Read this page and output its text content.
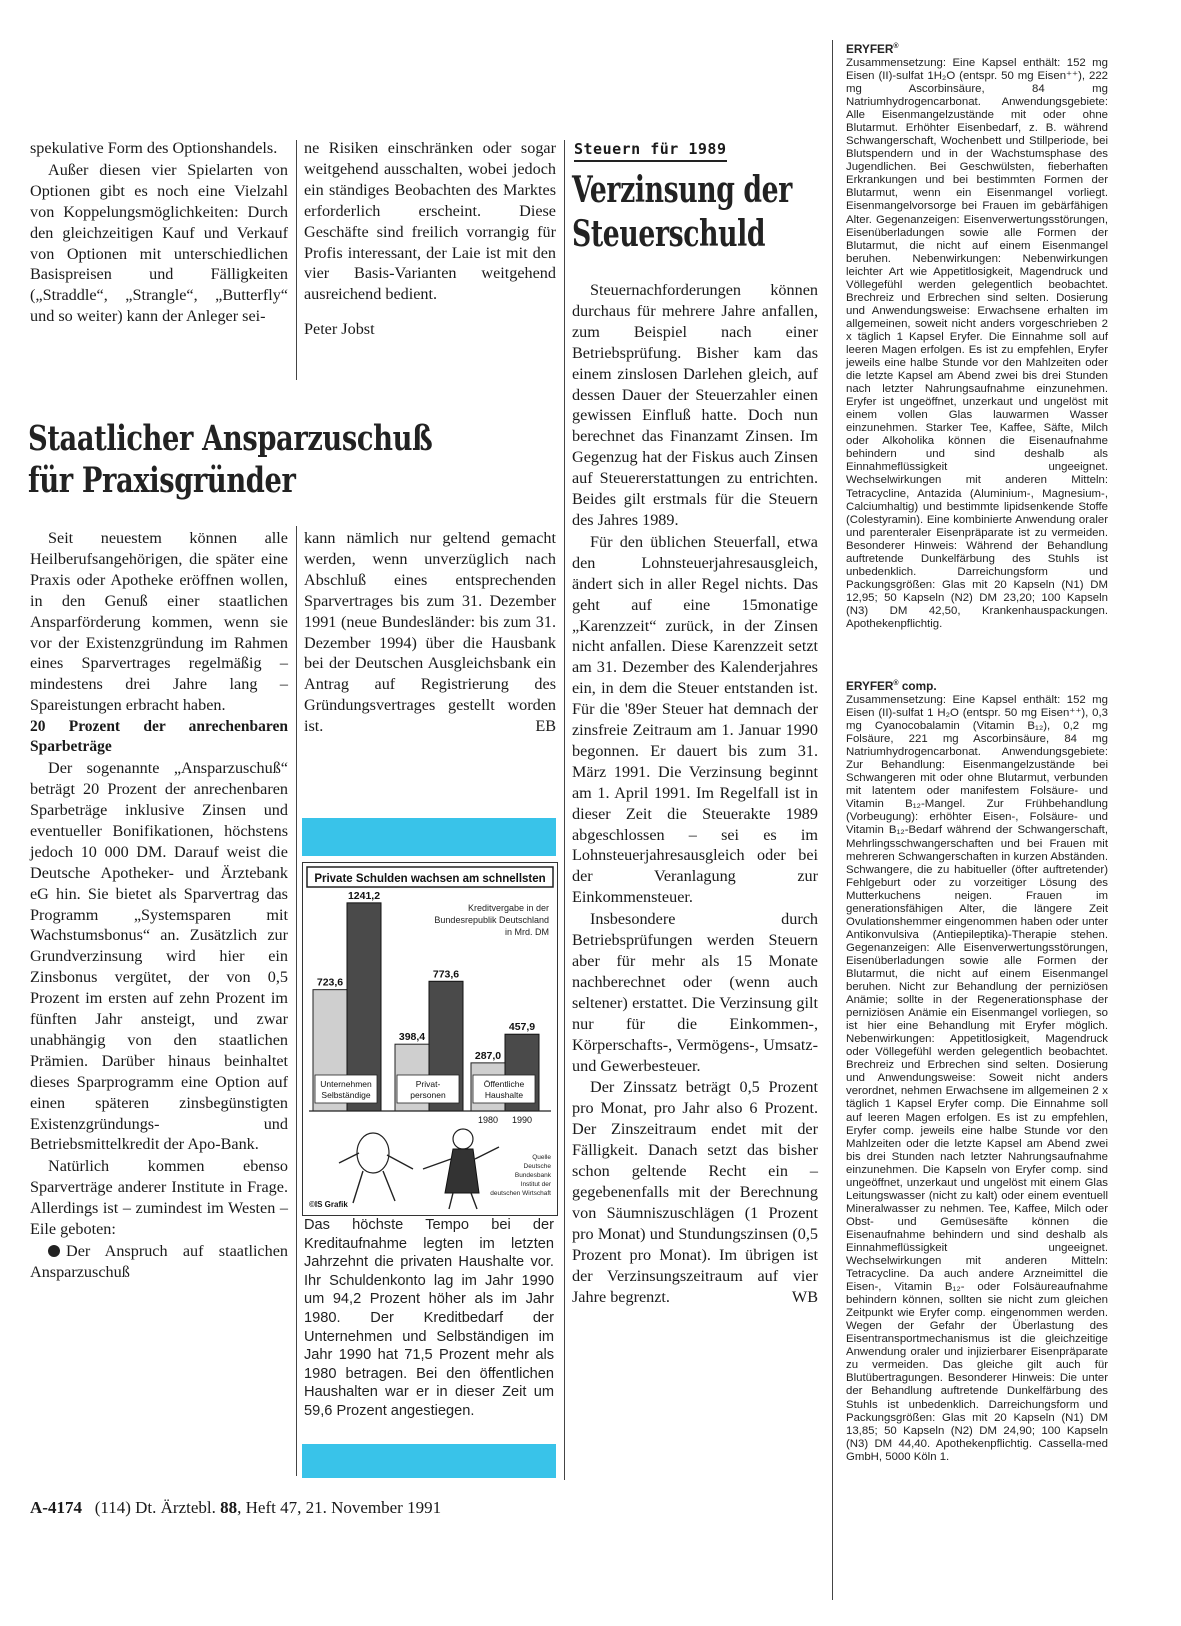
spekulative Form des Optionshandels.

Außer diesen vier Spielarten von Optionen gibt es noch eine Vielzahl von Koppelungsmöglichkeiten: Durch den gleichzeitigen Kauf und Verkauf von Optionen mit unterschiedlichen Basispreisen und Fälligkeiten („Straddle“, „Strangle“, „Butterfly“ und so weiter) kann der Anleger sei-

ne Risiken einschränken oder sogar weitgehend ausschalten, wobei jedoch ein ständiges Beobachten des Marktes erforderlich erscheint. Diese Geschäfte sind freilich vorrangig für Profis interessant, der Laie ist mit den vier Basis-Varianten weitgehend ausreichend bedient.

Peter Jobst

Staatlicher Ansparzuschuß
für Praxisgründer

Seit neuestem können alle Heilberufsangehörigen, die später eine Praxis oder Apotheke eröffnen wollen, in den Genuß einer staatlichen Ansparförderung kommen, wenn sie vor der Existenzgründung im Rahmen eines Sparvertrages regelmäßig – mindestens drei Jahre lang – Spareistungen erbracht haben.

20 Prozent der anrechenbaren Sparbeträge

Der sogenannte „Ansparzuschuß“ beträgt 20 Prozent der anrechenbaren Sparbeträge inklusive Zinsen und eventueller Bonifikationen, höchstens jedoch 10 000 DM. Darauf weist die Deutsche Apotheker- und Ärztebank eG hin. Sie bietet als Sparvertrag das Programm „Systemsparen mit Wachstumsbonus“ an. Zusätzlich zur Grundverzinsung wird hier ein Zinsbonus vergütet, der von 0,5 Prozent im ersten auf zehn Prozent im fünften Jahr ansteigt, und zwar unabhängig von den staatlichen Prämien. Darüber hinaus beinhaltet dieses Sparprogramm eine Option auf einen späteren zinsbegünstigten Existenzgründungs- und Betriebsmittelkredit der Apo-Bank.

Natürlich kommen ebenso Sparverträge anderer Institute in Frage. Allerdings ist – zumindest im Westen – Eile geboten:

Der Anspruch auf staatlichen Ansparzuschuß

kann nämlich nur geltend gemacht werden, wenn unverzüglich nach Abschluß eines entsprechenden Sparvertrages bis zum 31. Dezember 1991 (neue Bundesländer: bis zum 31. Dezember 1994) über die Hausbank bei der Deutschen Ausgleichsbank ein Antrag auf Registrierung des Gründungsvertrages gestellt worden ist.	EB

Private Schulden wachsen am schnellsten
Kreditvergabe in der
Bundesrepublik Deutschland
in Mrd. DM
723,6
1241,2
Unternehmen
Selbständige
398,4
773,6
Privat-
personen
287,0
457,9
Öffentliche
Haushalte
1980 1990
Quelle
Deutsche
Bundesbank
Institut der
deutschen Wirtschaft
©IS Grafik
Das höchste Tempo bei der Kreditaufnahme legten im letzten Jahrzehnt die privaten Haushalte vor. Ihr Schuldenkonto lag im Jahr 1990 um 94,2 Prozent höher als im Jahr 1980. Der Kreditbedarf der Unternehmen und Selbständigen im Jahr 1990 hat 71,5 Prozent mehr als 1980 betragen. Bei den öffentlichen Haushalten war er in dieser Zeit um 59,6 Prozent angestiegen.
Steuern für 1989
Verzinsung der
Steuerschuld

Steuernachforderungen können durchaus für mehrere Jahre anfallen, zum Beispiel nach einer Betriebsprüfung. Bisher kam das einem zinslosen Darlehen gleich, auf dessen Dauer der Steuerzahler einen gewissen Einfluß hatte. Doch nun berechnet das Finanzamt Zinsen. Im Gegenzug hat der Fiskus auch Zinsen auf Steuererstattungen zu entrichten. Beides gilt erstmals für die Steuern des Jahres 1989.

Für den üblichen Steuerfall, etwa den Lohnsteuerjahresausgleich, ändert sich in aller Regel nichts. Das geht auf eine 15monatige „Karenzzeit“ zurück, in der Zinsen nicht anfallen. Diese Karenzzeit setzt am 31. Dezember des Kalenderjahres ein, in dem die Steuer entstanden ist. Für die '89er Steuer hat demnach der zinsfreie Zeitraum am 1. Januar 1990 begonnen. Er dauert bis zum 31. März 1991. Die Verzinsung beginnt am 1. April 1991. Im Regelfall ist in dieser Zeit die Steuerakte 1989 abgeschlossen – sei es im Lohnsteuerjahresausgleich oder bei der Veranlagung zur Einkommensteuer.

Insbesondere durch Betriebsprüfungen werden Steuern aber für mehr als 15 Monate nachberechnet oder (wenn auch seltener) erstattet. Die Verzinsung gilt nur für die Einkommen-, Körperschafts-, Vermögens-, Umsatz- und Gewerbesteuer.

Der Zinssatz beträgt 0,5 Prozent pro Monat, pro Jahr also 6 Prozent. Der Zinszeitraum endet mit der Fälligkeit. Danach setzt das bisher schon geltende Recht ein – gegebenenfalls mit der Berechnung von Säumniszuschlägen (1 Prozent pro Monat) und Stundungszinsen (0,5 Prozent pro Monat). Im übrigen ist der Verzinsungszeitraum auf vier Jahre begrenzt.	WB

ERYFER®

Zusammensetzung: Eine Kapsel enthält: 152 mg Eisen (II)-sulfat 1H₂O (entspr. 50 mg Eisen⁺⁺), 222 mg Ascorbinsäure, 84 mg Natriumhydrogencarbonat. Anwendungsgebiete: Alle Eisenmangelzustände mit oder ohne Blutarmut. Erhöhter Eisenbedarf, z. B. während Schwangerschaft, Wochenbett und Stillperiode, bei Blutspendern und in der Wachstumsphase des Jugendlichen. Bei Geschwülsten, fieberhaften Erkrankungen und bei bestimmten Formen der Blutarmut, wenn ein Eisenmangel vorliegt. Eisenmangelvorsorge bei Frauen im gebärfähigen Alter. Gegenanzeigen: Eisenverwertungsstörungen, Eisenüberladungen sowie alle Formen der Blutarmut, die nicht auf einem Eisenmangel beruhen. Nebenwirkungen: Nebenwirkungen leichter Art wie Appetitlosigkeit, Magendruck und Völlegefühl werden gelegentlich beobachtet. Brechreiz und Erbrechen sind selten. Dosierung und Anwendungsweise: Erwachsene erhalten im allgemeinen, soweit nicht anders vorgeschrieben 2 x täglich 1 Kapsel Eryfer. Die Einnahme soll auf leeren Magen erfolgen. Es ist zu empfehlen, Eryfer jeweils eine halbe Stunde vor den Mahlzeiten oder die letzte Kapsel am Abend zwei bis drei Stunden nach letzter Nahrungsaufnahme einzunehmen. Eryfer ist ungeöffnet, unzerkaut und ungelöst mit einem vollen Glas lauwarmen Wasser einzunehmen. Starker Tee, Kaffee, Säfte, Milch oder Alkoholika können die Eisenaufnahme behindern und sind deshalb als Einnahmeflüssigkeit ungeeignet. Wechselwirkungen mit anderen Mitteln: Tetracycline, Antazida (Aluminium-, Magnesium-, Calciumhaltig) und bestimmte lipidsenkende Stoffe (Colestyramin). Eine kombinierte Anwendung oraler und parenteraler Eisenpräparate ist zu vermeiden. Besonderer Hinweis: Während der Behandlung auftretende Dunkelfärbung des Stuhls ist unbedenklich. Darreichungsform und Packungsgrößen: Glas mit 20 Kapseln (N1) DM 12,95; 50 Kapseln (N2) DM 23,20; 100 Kapseln (N3) DM 42,50, Krankenhauspackungen. Apothekenpflichtig.

ERYFER® comp.

Zusammensetzung: Eine Kapsel enthält: 152 mg Eisen (II)-sulfat 1 H₂O (entspr. 50 mg Eisen⁺⁺), 0,3 mg Cyanocobalamin (Vitamin B₁₂), 0,2 mg Folsäure, 221 mg Ascorbinsäure, 84 mg Natriumhydrogencarbonat. Anwendungsgebiete: Zur Behandlung: Eisenmangelzustände bei Schwangeren mit oder ohne Blutarmut, verbunden mit latentem oder manifestem Folsäure- und Vitamin B₁₂-Mangel. Zur Frühbehandlung (Vorbeugung): erhöhter Eisen-, Folsäure- und Vitamin B₁₂-Bedarf während der Schwangerschaft, Mehrlingsschwangerschaften und bei Frauen mit mehreren Schwangerschaften in kurzen Abständen. Schwangere, die zu habitueller (öfter auftretender) Fehlgeburt oder zu vorzeitiger Lösung des Mutterkuchens neigen. Frauen im generationsfähigen Alter, die längere Zeit Ovulationshemmer eingenommen haben oder unter Antikonvulsiva (Antiepileptika)-Therapie stehen. Gegenanzeigen: Alle Eisenverwertungsstörungen, Eisenüberladungen sowie alle Formen der Blutarmut, die nicht auf einem Eisenmangel beruhen. Nicht zur Behandlung der perniziösen Anämie; sollte in der Regenerationsphase der perniziösen Anämie ein Eisenmangel vorliegen, so ist hier eine Behandlung mit Eryfer möglich. Nebenwirkungen: Appetitlosigkeit, Magendruck oder Völlegefühl werden gelegentlich beobachtet. Brechreiz und Erbrechen sind selten. Dosierung und Anwendungsweise: Soweit nicht anders verordnet, nehmen Erwachsene im allgemeinen 2 x täglich 1 Kapsel Eryfer comp. Die Einnahme soll auf leeren Magen erfolgen. Es ist zu empfehlen, Eryfer comp. jeweils eine halbe Stunde vor den Mahlzeiten oder die letzte Kapsel am Abend zwei bis drei Stunden nach letzter Nahrungsaufnahme einzunehmen. Die Kapseln von Eryfer comp. sind ungeöffnet, unzerkaut und ungelöst mit einem Glas Leitungswasser (nicht zu kalt) oder einem eventuell Mineralwasser zu nehmen. Tee, Kaffee, Milch oder Obst- und Gemüsesäfte können die Eisenaufnahme behindern und sind deshalb als Einnahmeflüssigkeit ungeeignet. Wechselwirkungen mit anderen Mitteln: Tetracycline. Da auch andere Arzneimittel die Eisen-, Vitamin B₁₂- oder Folsäureaufnahme behindern können, sollten sie nicht zum gleichen Zeitpunkt wie Eryfer comp. eingenommen werden. Wegen der Gefahr der Überlastung des Eisentransportmechanismus ist die gleichzeitige Anwendung oraler und injizierbarer Eisenpräparate zu vermeiden. Das gleiche gilt auch für Blutübertragungen. Besonderer Hinweis: Die unter der Behandlung auftretende Dunkelfärbung des Stuhls ist unbedenklich. Darreichungsform und Packungsgrößen: Glas mit 20 Kapseln (N1) DM 13,85; 50 Kapseln (N2) DM 24,90; 100 Kapseln (N3) DM 44,40. Apothekenpflichtig. Cassella-med GmbH, 5000 Köln 1.

A-4174 (114) Dt. Ärztebl. 88, Heft 47, 21. November 1991
